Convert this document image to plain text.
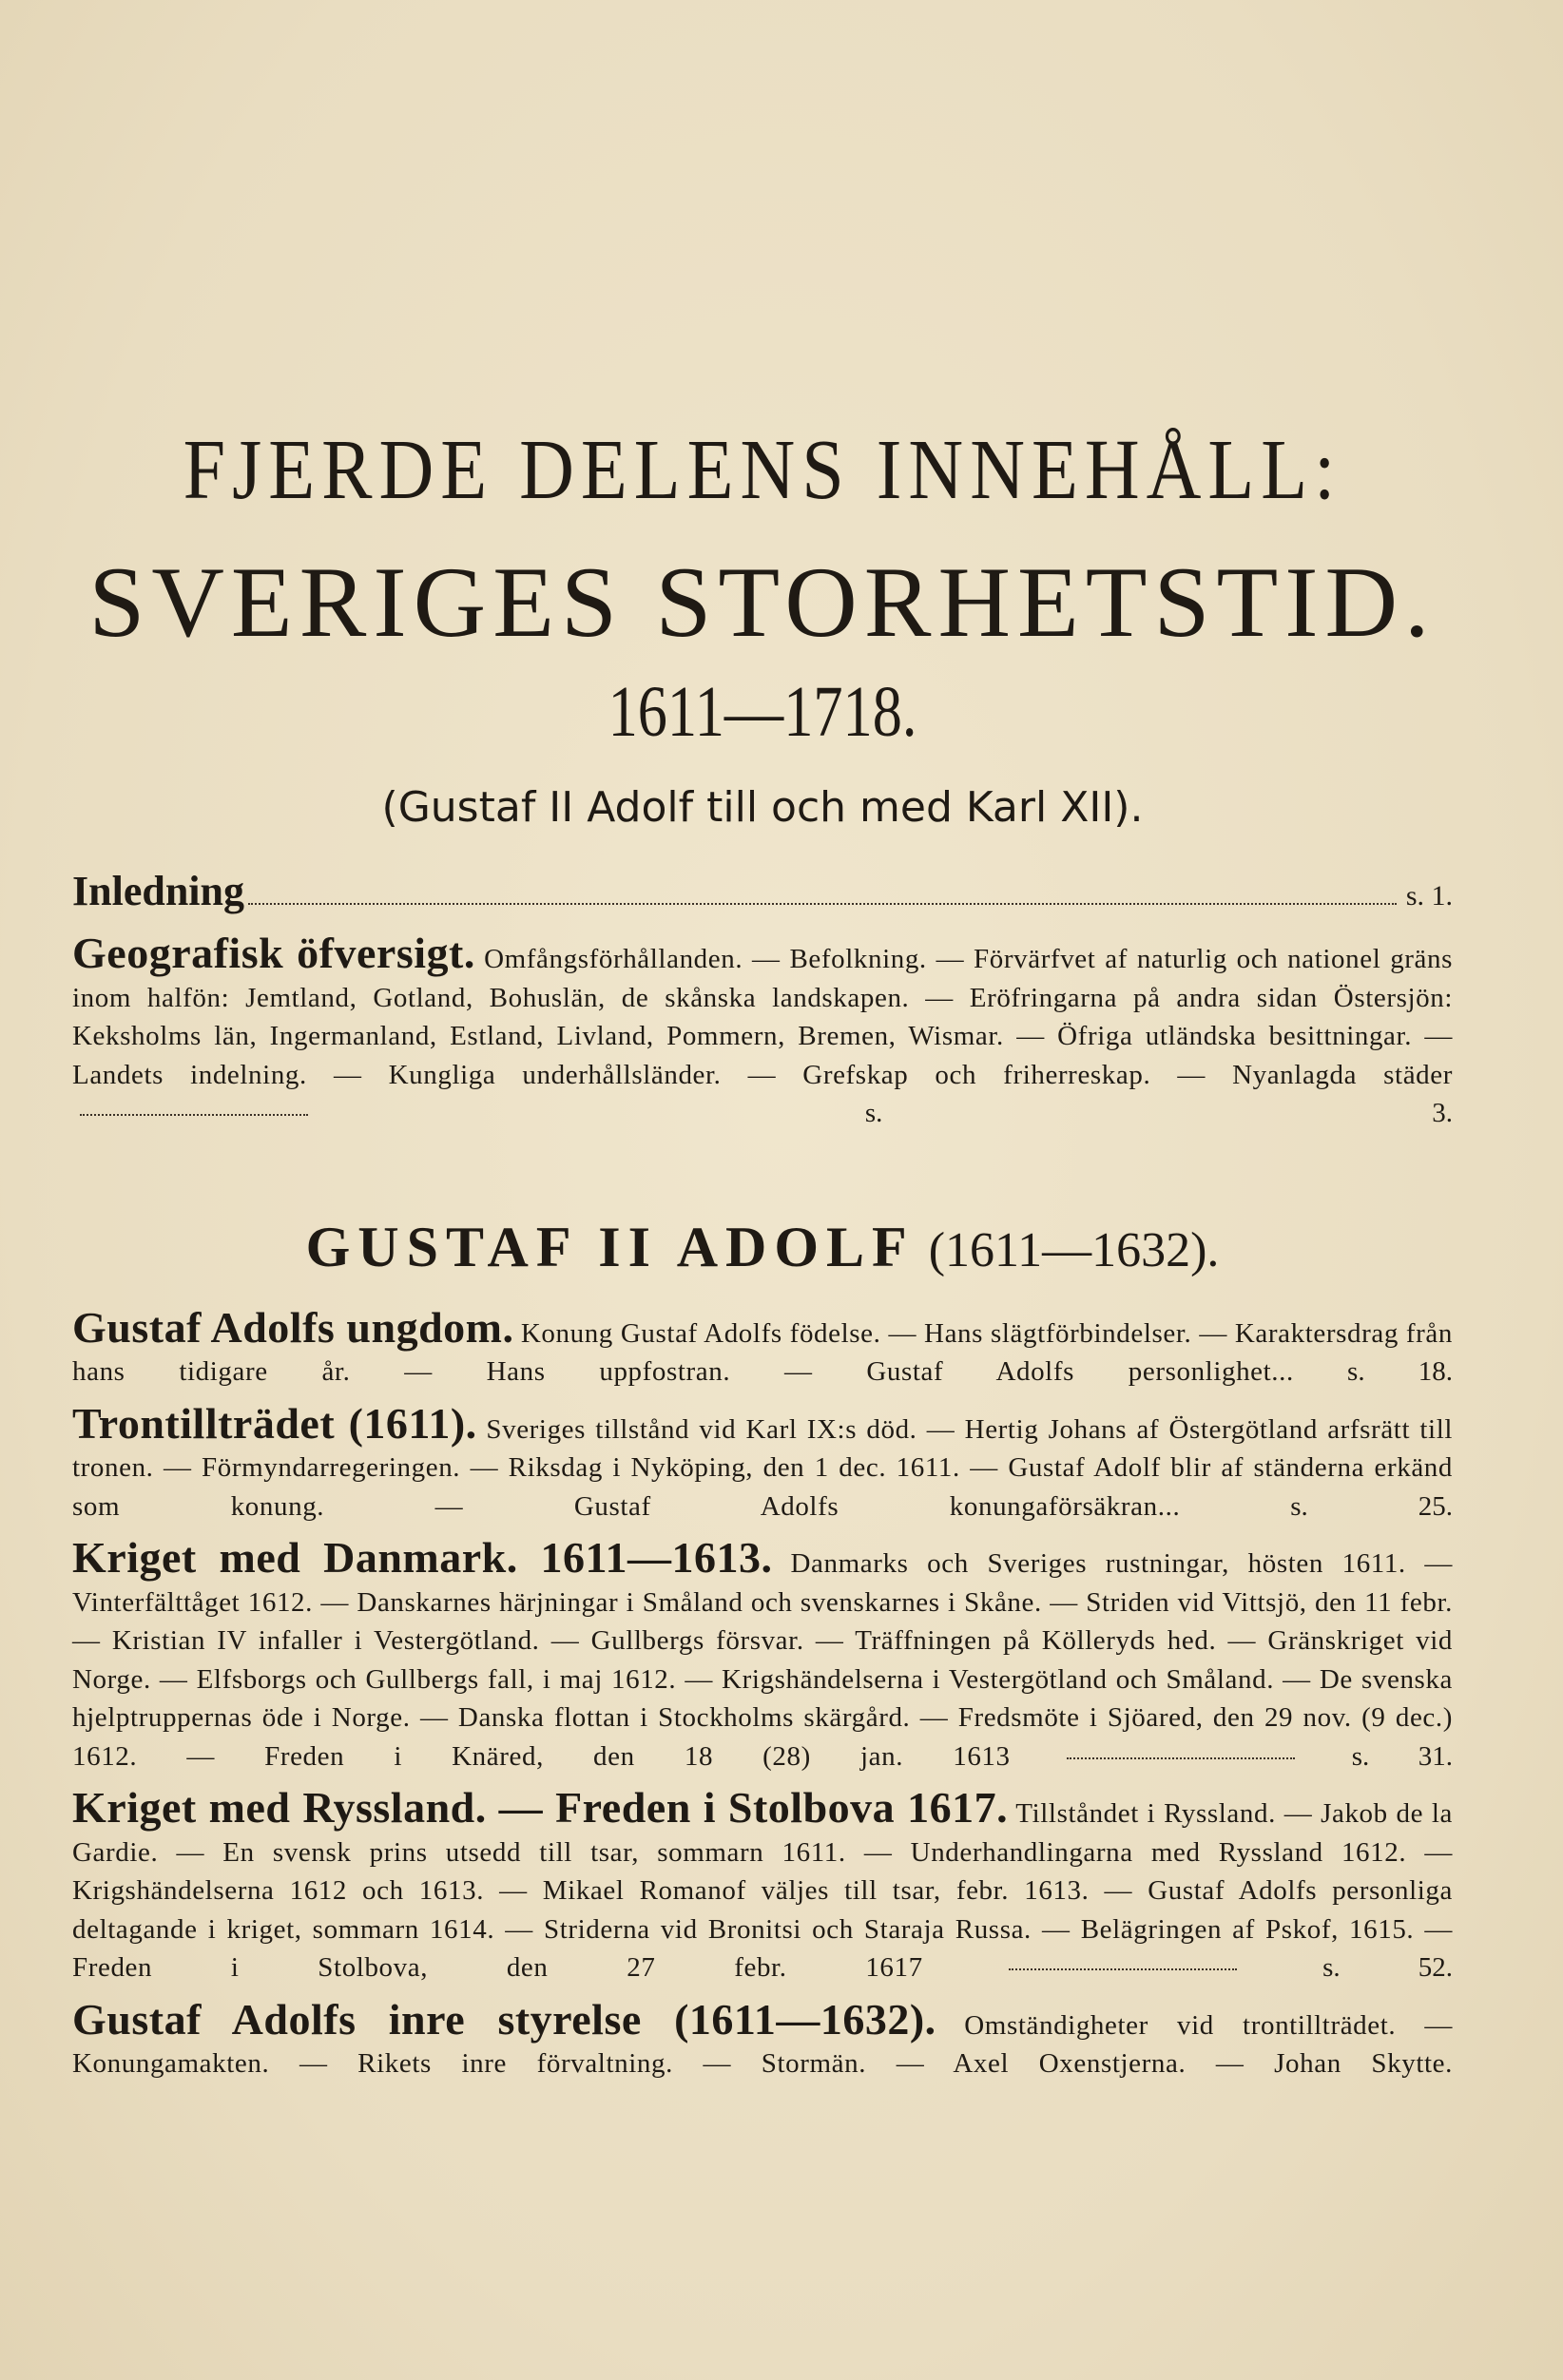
FJERDE DELENS INNEHÅLL:
SVERIGES STORHETSTID.
1611—1718.
(Gustaf II Adolf till och med Karl XII).
Inledning	s. 1.

Geografisk öfversigt. Omfångsförhållanden. — Befolkning. — Förvärfvet af naturlig och nationel gräns inom halfön: Jemtland, Gotland, Bohuslän, de skånska landskapen. — Eröfringarna på andra sidan Östersjön: Keksholms län, Ingermanland, Estland, Livland, Pommern, Bremen, Wismar. — Öfriga utländska besittningar. — Landets indelning. — Kungliga underhållsländer. — Grefskap och friherreskap. — Nyanlagda städer  s. 3.

GUSTAF II ADOLF (1611—1632).

Gustaf Adolfs ungdom. Konung Gustaf Adolfs födelse. — Hans slägtförbindelser. — Karaktersdrag från hans tidigare år. — Hans uppfostran. — Gustaf Adolfs personlighet... s. 18.

Trontillträdet (1611). Sveriges tillstånd vid Karl IX:s död. — Hertig Johans af Östergötland arfsrätt till tronen. — Förmyndarregeringen. — Riksdag i Nyköping, den 1 dec. 1611. — Gustaf Adolf blir af ständerna erkänd som konung. — Gustaf Adolfs konungaförsäkran...	s. 25.

Kriget med Danmark. 1611—1613. Danmarks och Sveriges rustningar, hösten 1611. — Vinterfälttåget 1612. — Danskarnes härjningar i Småland och svenskarnes i Skåne. — Striden vid Vittsjö, den 11 febr. — Kristian IV infaller i Vestergötland. — Gullbergs försvar. — Träffningen på Kölleryds hed. — Gränskriget vid Norge. — Elfsborgs och Gullbergs fall, i maj 1612. — Krigshändelserna i Vestergötland och Småland. — De svenska hjelptruppernas öde i Norge. — Danska flottan i Stockholms skärgård. — Fredsmöte i Sjöared, den 29 nov. (9 dec.) 1612. — Freden i Knäred, den 18 (28) jan. 1613	s. 31.

Kriget med Ryssland. — Freden i Stolbova 1617. Tillståndet i Ryssland. — Jakob de la Gardie. — En svensk prins utsedd till tsar, sommarn 1611. — Underhandlingarna med Ryssland 1612. — Krigshändelserna 1612 och 1613. — Mikael Romanof väljes till tsar, febr. 1613. — Gustaf Adolfs personliga deltagande i kriget, sommarn 1614. — Striderna vid Bronitsi och Staraja Russa. — Belägringen af Pskof, 1615. — Freden i Stolbova, den 27 febr. 1617	s. 52.

Gustaf Adolfs inre styrelse (1611—1632). Omständigheter vid trontillträdet. — Konungamakten. — Rikets inre förvaltning. — Stormän. — Axel Oxenstjerna. — Johan Skytte.
